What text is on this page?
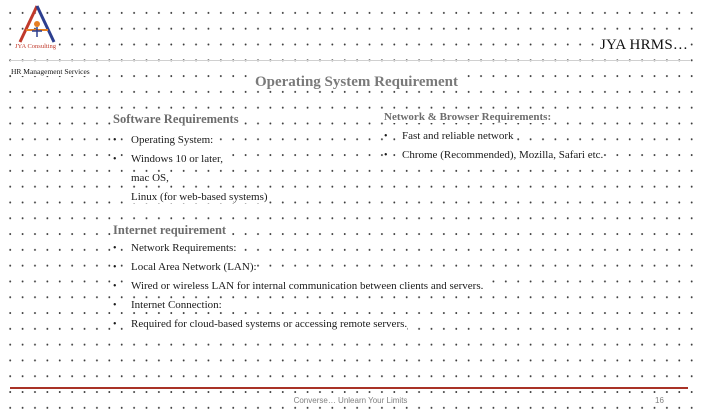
JYA Consulting
HR Management Services
JYA HRMS…
Operating System Requirement
Software Requirements
• Operating System:
• Windows 10 or later,
mac OS,
Linux (for web-based systems)
Network & Browser Requirements:
• Fast and reliable network
• Chrome (Recommended), Mozilla, Safari etc.
Internet requirement
• Network Requirements:
• Local Area Network (LAN):
• Wired or wireless LAN for internal communication between clients and servers.
• Internet Connection:
• Required for cloud-based systems or accessing remote servers.
Converse… Unlearn Your Limits	16
